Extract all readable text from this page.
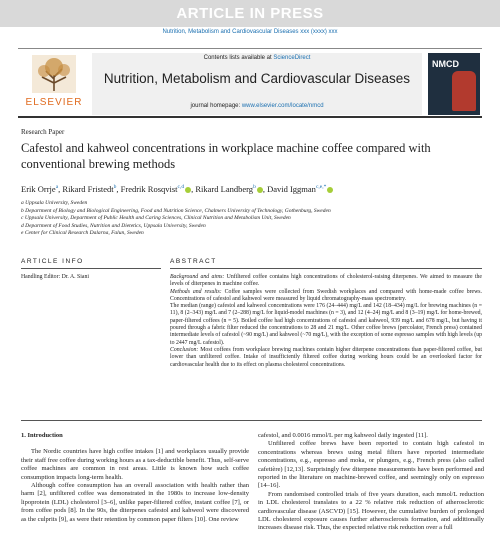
ARTICLE IN PRESS
Nutrition, Metabolism and Cardiovascular Diseases xxx (xxxx) xxx
ELSEVIER
Contents lists available at ScienceDirect
Nutrition, Metabolism and Cardiovascular Diseases
journal homepage: www.elsevier.com/locate/nmcd
NMCD
Research Paper
Cafestol and kahweol concentrations in workplace machine coffee compared with conventional brewing methods
Erik Orrje$^a$, Rikard Fristedt$^b$, Fredrik Rosqvist$^{c,d}$ , Rikard Landberg$^b$ , David Iggman$^{c,e,*}$
a Uppsala University, Sweden
b Department of Biology and Biological Engineering, Food and Nutrition Science, Chalmers University of Technology, Gothenburg, Sweden
c Uppsala University, Department of Public Health and Caring Sciences, Clinical Nutrition and Metabolism Unit, Sweden
d Department of Food Studies, Nutrition and Dietetics, Uppsala University, Sweden
e Center for Clinical Research Dalarna, Falun, Sweden
ARTICLE INFO	ABSTRACT
Handling Editor: Dr. A. Siani	Background and aims: Unfiltered coffee contains high concentrations of cholesterol-raising diterpenes. We aimed to measure the levels of diterpenes in machine coffee.

Methods and results: Coffee samples were collected from Swedish workplaces and compared with home-made coffee brews. Concentrations of cafestol and kahweol were measured by liquid chromatography-mass spectrometry.

The median (range) cafestol and kahweol concentrations were 176 (24–444) mg/L and 142 (18–434) mg/L for brewing machines (n = 11), 8 (2–343) mg/L and 7 (2–288) mg/L for liquid-model machines (n = 3), and 12 (4–24) mg/L and 8 (3–19) mg/L for home-brewed, paper-filtered coffees (n = 5). Boiled coffee had high concentrations of cafestol and kahweol, 939 mg/L and 678 mg/L, but having it poured through a fabric filter reduced the concentrations to 28 and 21 mg/L. Other coffee brews (percolator, French press) contained intermediate levels of cafestol (~90 mg/L) and kahweol (~70 mg/L), with the exception of some espresso samples with high levels (up to 2447 mg/L cafestol).

Conclusion: Most coffees from workplace brewing machines contain higher diterpene concentrations than paper-filtered coffee, but lower than unfiltered coffee. Intake of insufficiently filtered coffee during working hours could be an overlooked factor for cardiovascular health due to its effect on plasma cholesterol concentrations.

1. Introduction

The Nordic countries have high coffee intakes [1] and workplaces usually provide their staff free coffee during working hours as a tax-deductible benefit. Thus, self-serve coffee machines are common in rest areas. Little is known how such coffee consumption impacts long-term health.

Although coffee consumption has an overall association with health rather than harm [2], unfiltered coffee was demonstrated in the 1980s to increase low-density lipoprotein (LDL) cholesterol [3–6], unlike paper-filtered coffee, instant coffee [7], or from coffee pods [8]. In the 90s, the diterpenes cafestol and kahweol were discovered as the culprits [9], as were their retention by common paper filters [10]. One review

cafestol, and 0.0016 mmol/L per mg kahweol daily ingested [11].

Unfiltered coffee brews have been reported to contain high cafestol in concentrations whereas brews using metal filters have reported intermediate concentrations, e.g., espresso and moka, or plungers, e.g., French press (also called cafetière) [12,13]. Surprisingly few diterpene measurements have been performed and reported in the literature on machine-brewed coffee, and seemingly only on espresso [14–16].

From randomised controlled trials of five years duration, each mmol/L reduction in LDL cholesterol translates to a 22 % relative risk reduction of atherosclerotic cardiovascular disease (ASCVD) [15]. However, the cumulative burden of prolonged LDL cholesterol exposure causes further atherosclerosis formation, and additionally increases disease risk. Thus, the expected relative risk reduction over a full
